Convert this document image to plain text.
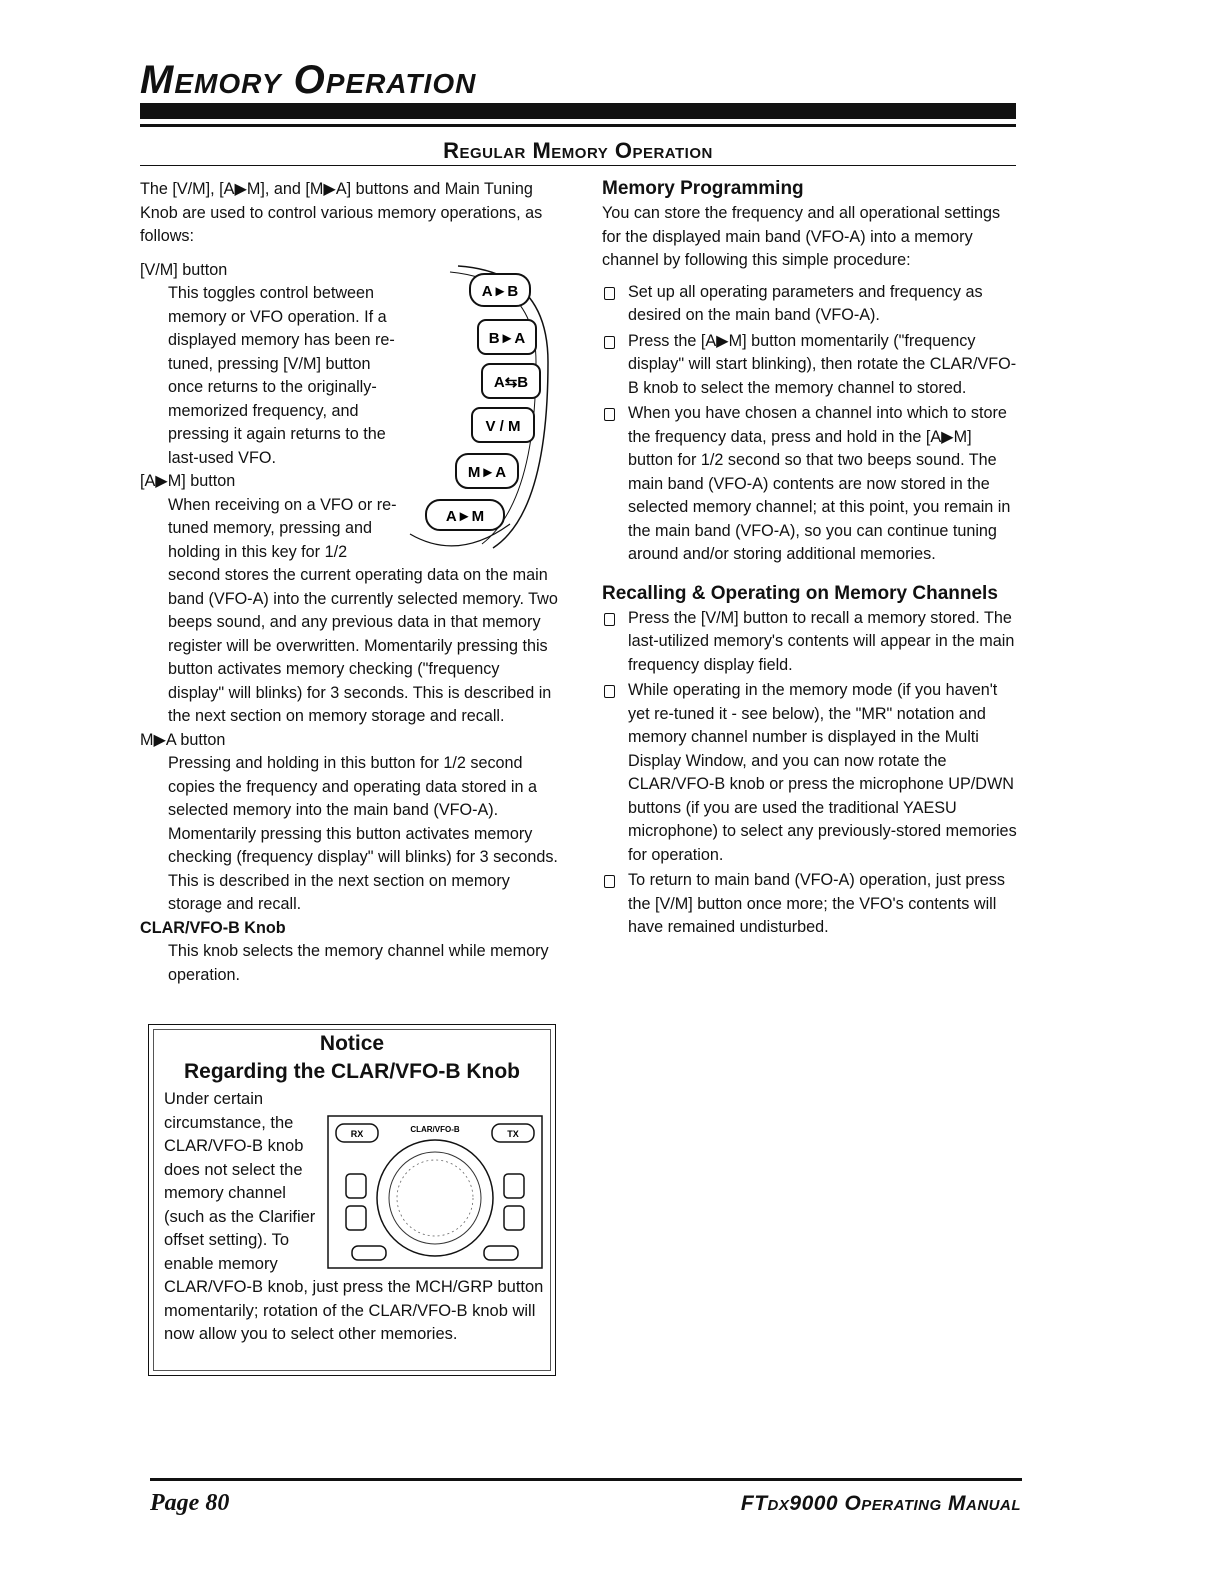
Memory Operation
Regular Memory Operation

The [V/M], [A▶M], and [M▶A] buttons and Main Tuning Knob are used to control various memory operations, as follows:

[V/M] button

This toggles control between memory or VFO operation. If a displayed memory has been re-tuned, pressing [V/M] button once returns to the originally-memorized frequency, and pressing it again returns to the last-used VFO.

[A▶M] button

When receiving on a VFO or re-tuned memory, pressing and holding in this key for 1/2
second stores the current operating data on the main band (VFO-A) into the currently selected memory. Two beeps sound, and any previous data in that memory register will be overwritten. Momentarily pressing this button activates memory checking ("frequency display" will blinks) for 3 seconds. This is described in the next section on memory storage and recall.

M▶A button

Pressing and holding in this button for 1/2 second copies the frequency and operating data stored in a selected memory into the main band (VFO-A). Momentarily pressing this button activates memory checking (frequency display" will blinks) for 3 seconds. This is described in the next section on memory storage and recall.

CLAR/VFO-B Knob

This knob selects the memory channel while memory operation.

A►B
B►A
A⇆B
V / M
M►A
A►M
Notice
Regarding the CLAR/VFO-B Knob
Under certain circumstance, the CLAR/VFO-B knob does not select the memory channel (such as the Clarifier offset setting). To enable memory
CLAR/VFO-B knob, just press the MCH/GRP button momentarily; rotation of the CLAR/VFO-B knob will now allow you to select other memories.
RX	TX
CLAR/VFO-B

Memory Programming

You can store the frequency and all operational settings for the displayed main band (VFO-A) into a memory channel by following this simple procedure:

Set up all operating parameters and frequency as desired on the main band (VFO-A).
Press the [A▶M] button momentarily ("frequency display" will start blinking), then rotate the CLAR/VFO-B knob to select the memory channel to stored.
When you have chosen a channel into which to store the frequency data, press and hold in the [A▶M] button for 1/2 second so that two beeps sound. The main band (VFO-A) contents are now stored in the selected memory channel; at this point, you remain in the main band (VFO-A), so you can continue tuning around and/or storing additional memories.

Recalling & Operating on Memory Channels

Press the [V/M] button to recall a memory stored. The last-utilized memory's contents will appear in the main frequency display field.
While operating in the memory mode (if you haven't yet re-tuned it - see below), the "MR" notation and memory channel number is displayed in the Multi Display Window, and you can now rotate the CLAR/VFO-B knob or press the microphone UP/DWN buttons (if you are used the traditional YAESU microphone) to select any previously-stored memories for operation.
To return to main band (VFO-A) operation, just press the [V/M] button once more; the VFO's contents will have remained undisturbed.
Page 80	FTdx9000 Operating Manual
